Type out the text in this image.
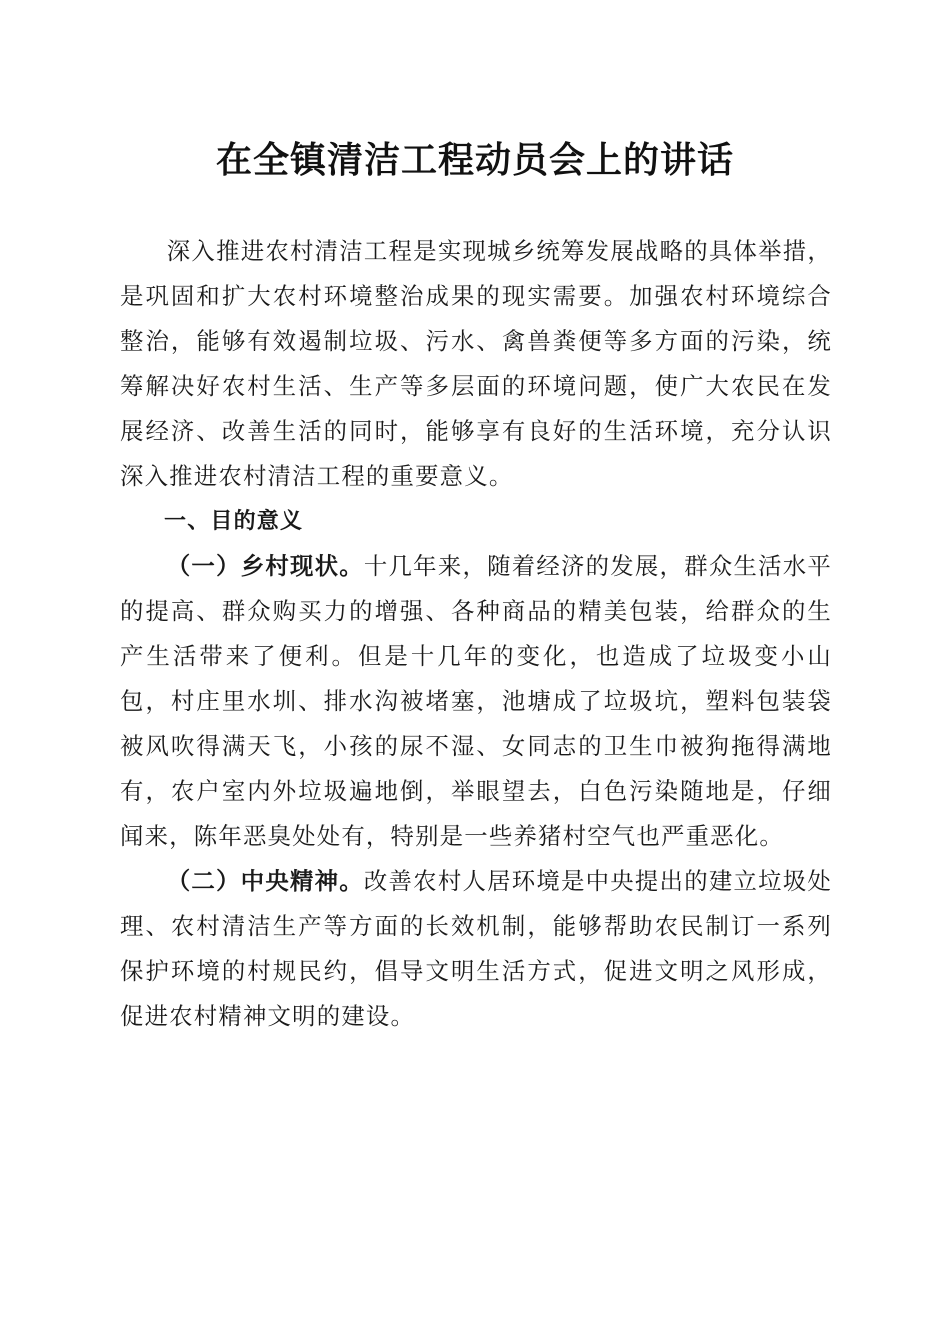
在全镇清洁工程动员会上的讲话

深入推进农村清洁工程是实现城乡统筹发展战略的具体举措，是巩固和扩大农村环境整治成果的现实需要。加强农村环境综合整治，能够有效遏制垃圾、污水、禽兽粪便等多方面的污染，统筹解决好农村生活、生产等多层面的环境问题，使广大农民在发展经济、改善生活的同时，能够享有良好的生活环境，充分认识深入推进农村清洁工程的重要意义。

一、目的意义

（一）乡村现状。十几年来，随着经济的发展，群众生活水平的提高、群众购买力的增强、各种商品的精美包装，给群众的生产生活带来了便利。但是十几年的变化，也造成了垃圾变小山包，村庄里水圳、排水沟被堵塞，池塘成了垃圾坑，塑料包装袋被风吹得满天飞，小孩的尿不湿、女同志的卫生巾被狗拖得满地有，农户室内外垃圾遍地倒，举眼望去，白色污染随地是，仔细闻来，陈年恶臭处处有，特别是一些养猪村空气也严重恶化。

（二）中央精神。改善农村人居环境是中央提出的建立垃圾处理、农村清洁生产等方面的长效机制，能够帮助农民制订一系列保护环境的村规民约，倡导文明生活方式，促进文明之风形成，促进农村精神文明的建设。
